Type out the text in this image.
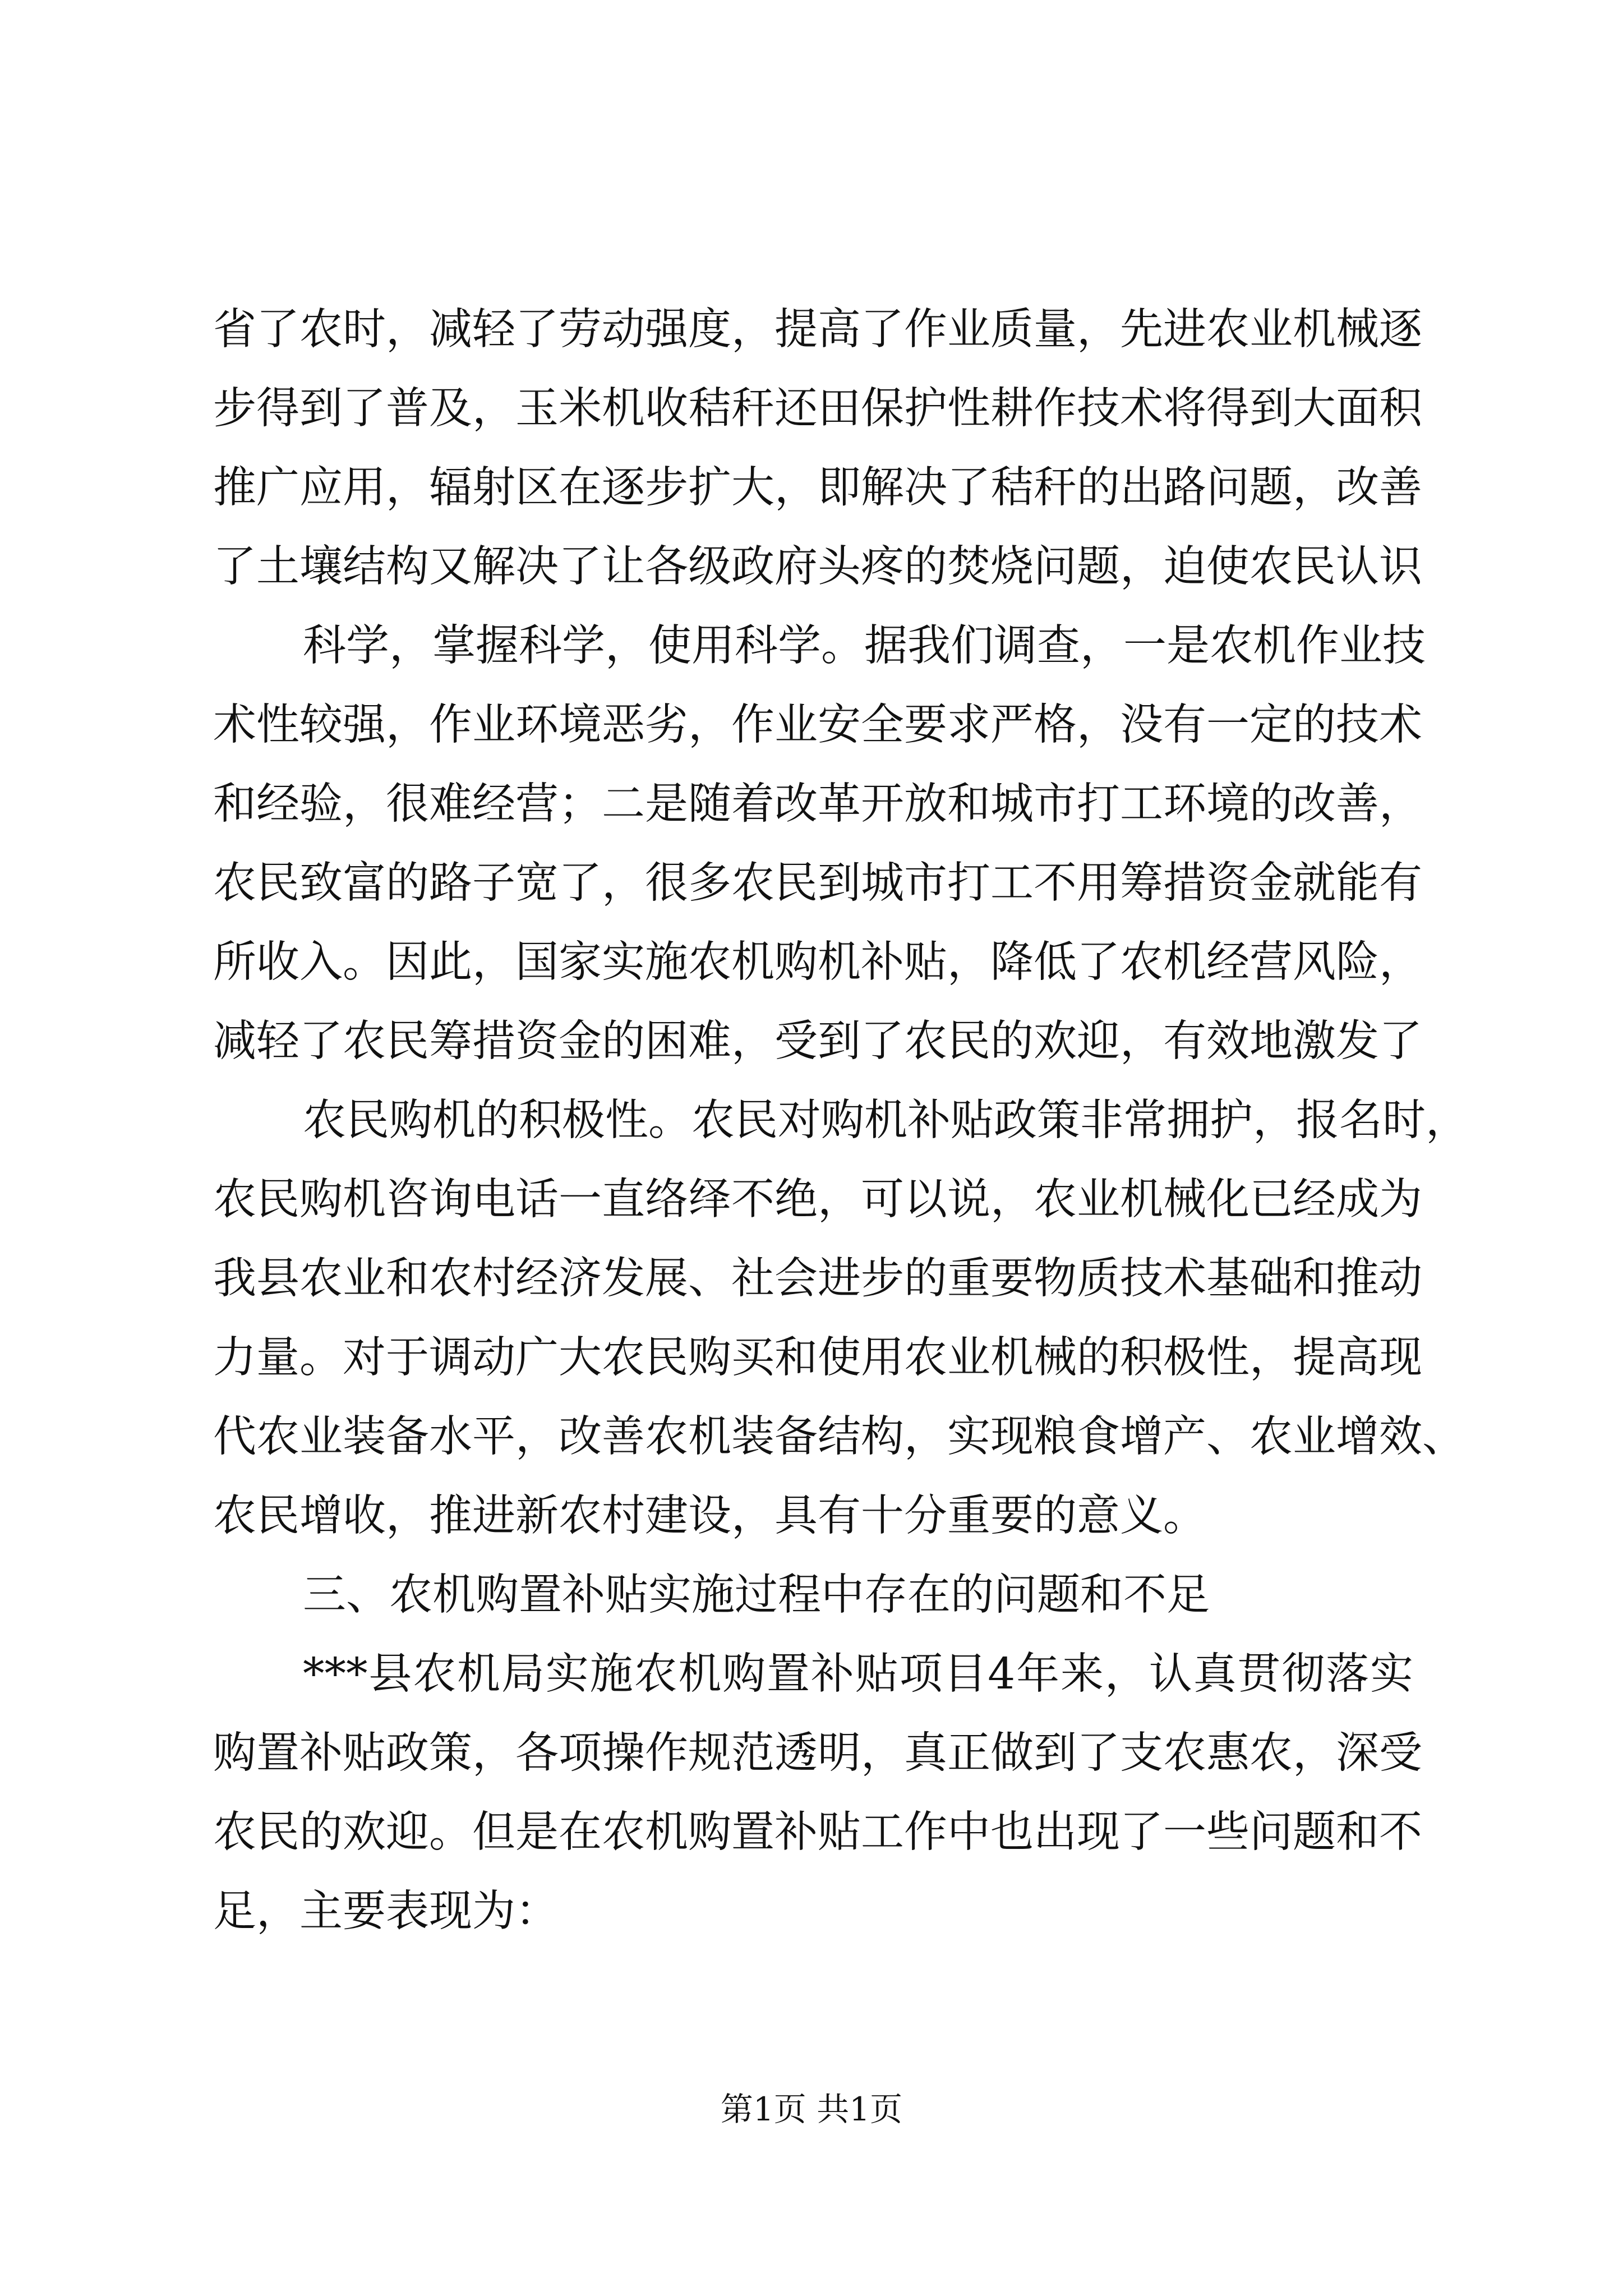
省了农时，减轻了劳动强度，提高了作业质量，先进农业机械逐
步得到了普及，玉米机收秸秆还田保护性耕作技术将得到大面积
推广应用，辐射区在逐步扩大，即解决了秸秆的出路问题，改善
了土壤结构又解决了让各级政府头疼的焚烧问题，迫使农民认识
科学，掌握科学，使用科学。据我们调查，一是农机作业技
术性较强，作业环境恶劣，作业安全要求严格，没有一定的技术
和经验，很难经营；二是随着改革开放和城市打工环境的改善，
农民致富的路子宽了，很多农民到城市打工不用筹措资金就能有
所收入。因此，国家实施农机购机补贴，降低了农机经营风险，
减轻了农民筹措资金的困难，受到了农民的欢迎，有效地激发了
农民购机的积极性。农民对购机补贴政策非常拥护，报名时，
农民购机咨询电话一直络绎不绝，可以说，农业机械化已经成为
我县农业和农村经济发展、社会进步的重要物质技术基础和推动
力量。对于调动广大农民购买和使用农业机械的积极性，提高现
代农业装备水平，改善农机装备结构，实现粮食增产、农业增效、
农民增收，推进新农村建设，具有十分重要的意义。
三、农机购置补贴实施过程中存在的问题和不足
***县农机局实施农机购置补贴项目4年来，认真贯彻落实
购置补贴政策，各项操作规范透明，真正做到了支农惠农，深受
农民的欢迎。但是在农机购置补贴工作中也出现了一些问题和不
足，主要表现为：
第1页 共1页
